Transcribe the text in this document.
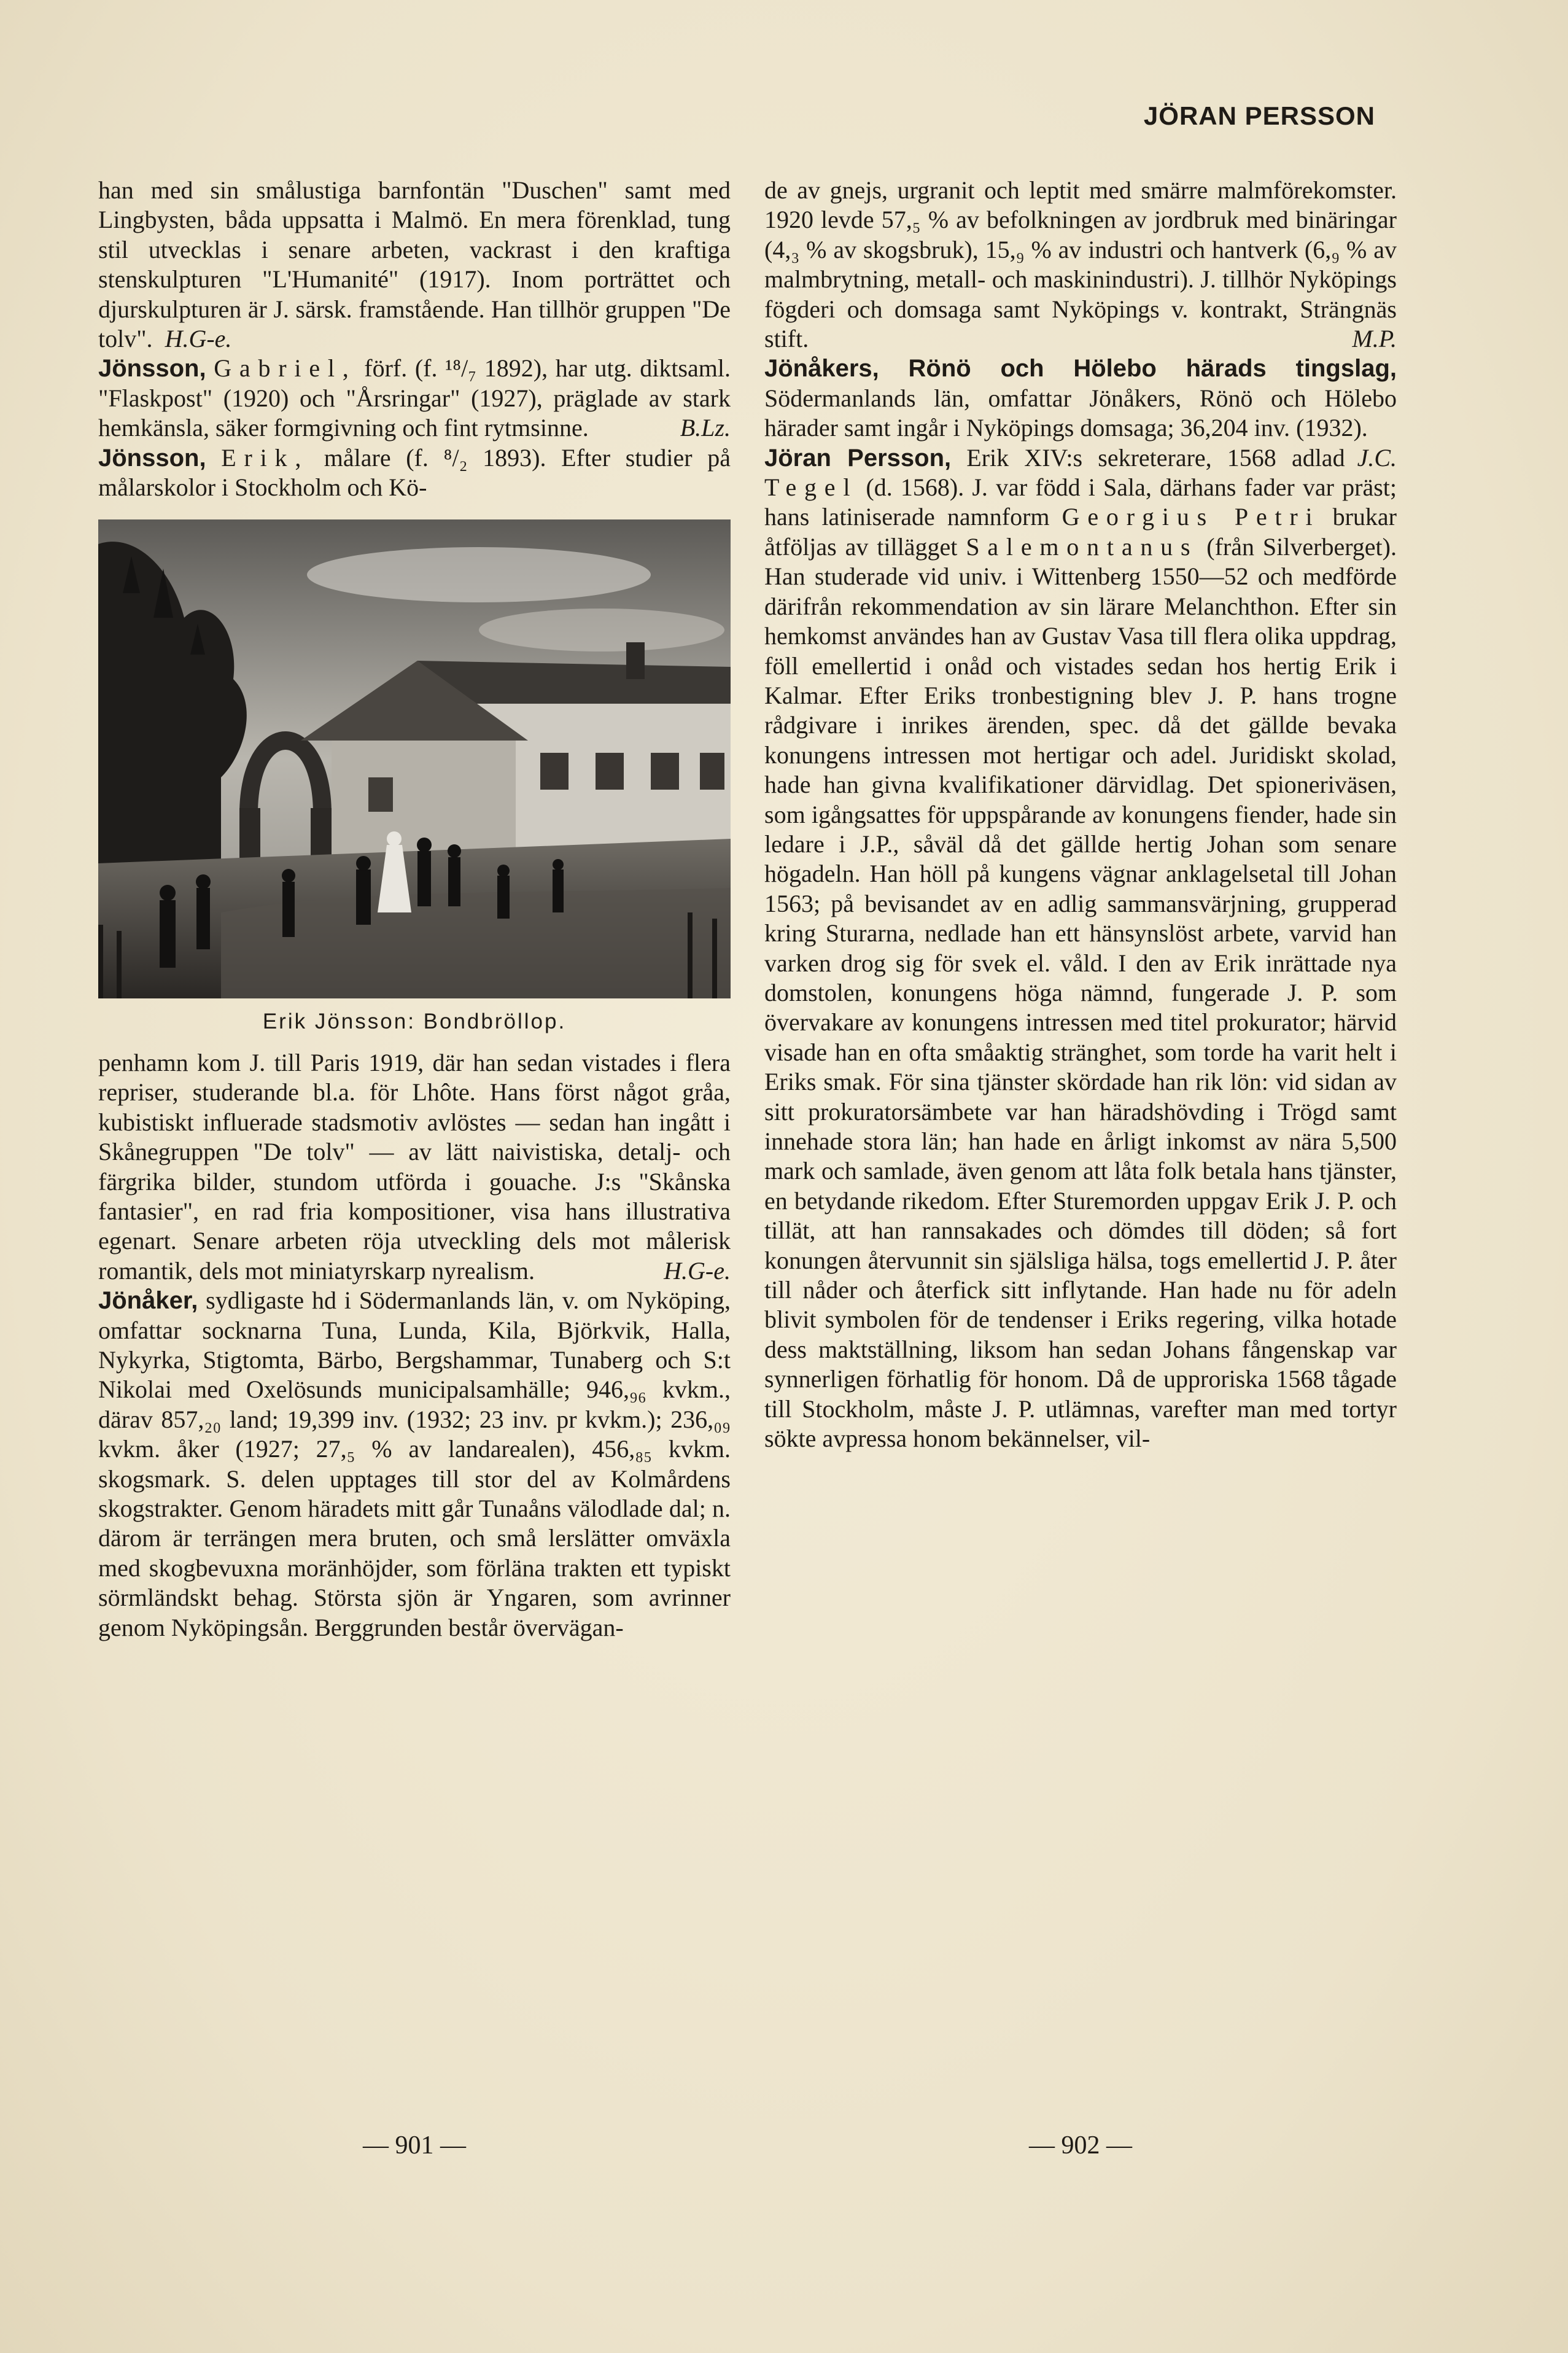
JÖRAN PERSSON

han med sin smålustiga barnfontän "Duschen" samt med Lingbysten, båda uppsatta i Malmö. En mera förenklad, tung stil utvecklas i senare arbeten, vackrast i den kraftiga stenskulpturen "L'Humanité" (1917). Inom porträttet och djurskulpturen är J. särsk. framstående. Han tillhör gruppen "De tolv". H.G-e.

Jönsson, Gabriel, förf. (f. ¹⁸/₇ 1892), har utg. diktsaml. "Flaskpost" (1920) och "Årsringar" (1927), präglade av stark hemkänsla, säker formgivning och fint rytmsinne.	B.Lz.

Jönsson, Erik, målare (f. ⁸/₂ 1893). Efter studier på målarskolor i Stockholm och Kö-

Erik Jönsson: Bondbröllop.

penhamn kom J. till Paris 1919, där han sedan vistades i flera repriser, studerande bl.a. för Lhôte. Hans först något gråa, kubistiskt influerade stadsmotiv avlöstes — sedan han ingått i Skånegruppen "De tolv" — av lätt naivistiska, detalj- och färgrika bilder, stundom utförda i gouache. J:s "Skånska fantasier", en rad fria kompositioner, visa hans illustrativa egenart. Senare arbeten röja utveckling dels mot målerisk romantik, dels mot miniatyrskarp nyrealism.	H.G-e.

Jönåker, sydligaste hd i Södermanlands län, v. om Nyköping, omfattar socknarna Tuna, Lunda, Kila, Björkvik, Halla, Nykyrka, Stigtomta, Bärbo, Bergshammar, Tunaberg och S:t Nikolai med Oxelösunds municipalsamhälle; 946,₉₆ kvkm., därav 857,₂₀ land; 19,399 inv. (1932; 23 inv. pr kvkm.); 236,₀₉ kvkm. åker (1927; 27,₅ % av landarealen), 456,₈₅ kvkm. skogsmark. S. delen upptages till stor del av Kolmårdens skogstrakter. Genom häradets mitt går Tunaåns välodlade dal; n. därom är terrängen mera bruten, och små lerslätter omväxla med skogbevuxna moränhöjder, som förläna trakten ett typiskt sörmländskt behag. Största sjön är Yngaren, som avrinner genom Nyköpingsån. Berggrunden består övervägan-

de av gnejs, urgranit och leptit med smärre malmförekomster. 1920 levde 57,₅ % av befolkningen av jordbruk med binäringar (4,₃ % av skogsbruk), 15,₉ % av industri och hantverk (6,₉ % av malmbrytning, metall- och maskinindustri). J. tillhör Nyköpings fögderi och domsaga samt Nyköpings v. kontrakt, Strängnäs stift.	M.P.

Jönåkers, Rönö och Hölebo härads tingslag, Södermanlands län, omfattar Jönåkers, Rönö och Hölebo härader samt ingår i Nyköpings domsaga; 36,204 inv. (1932).
J.C.

Jöran Persson, Erik XIV:s sekreterare, 1568 adlad Tegel (d. 1568). J. var född i Sala, därhans fader var präst; hans latiniserade namnform Georgius Petri brukar åtföljas av tillägget Salemontanus (från Silverberget). Han studerade vid univ. i Wittenberg 1550—52 och medförde därifrån rekommendation av sin lärare Melanchthon. Efter sin hemkomst användes han av Gustav Vasa till flera olika uppdrag, föll emellertid i onåd och vistades sedan hos hertig Erik i Kalmar. Efter Eriks tronbestigning blev J. P. hans trogne rådgivare i inrikes ärenden, spec. då det gällde bevaka konungens intressen mot hertigar och adel. Juridiskt skolad, hade han givna kvalifikationer därvidlag. Det spioneriväsen, som igångsattes för uppspårande av konungens fiender, hade sin ledare i J.P., såväl då det gällde hertig Johan som senare högadeln. Han höll på kungens vägnar anklagelsetal till Johan 1563; på bevisandet av en adlig sammansvärjning, grupperad kring Sturarna, nedlade han ett hänsynslöst arbete, varvid han varken drog sig för svek el. våld. I den av Erik inrättade nya domstolen, konungens höga nämnd, fungerade J. P. som övervakare av konungens intressen med titel prokurator; härvid visade han en ofta småaktig stränghet, som torde ha varit helt i Eriks smak. För sina tjänster skördade han rik lön: vid sidan av sitt prokuratorsämbete var han häradshövding i Trögd samt innehade stora län; han hade en årligt inkomst av nära 5,500 mark och samlade, även genom att låta folk betala hans tjänster, en betydande rikedom. Efter Sturemorden uppgav Erik J. P. och tillät, att han rannsakades och dömdes till döden; så fort konungen återvunnit sin själsliga hälsa, togs emellertid J. P. åter till nåder och återfick sitt inflytande. Han hade nu för adeln blivit symbolen för de tendenser i Eriks regering, vilka hotade dess maktställning, liksom han sedan Johans fångenskap var synnerligen förhatlig för honom. Då de upproriska 1568 tågade till Stockholm, måste J. P. utlämnas, varefter man med tortyr sökte avpressa honom bekännelser, vil-

— 901 —	— 902 —
